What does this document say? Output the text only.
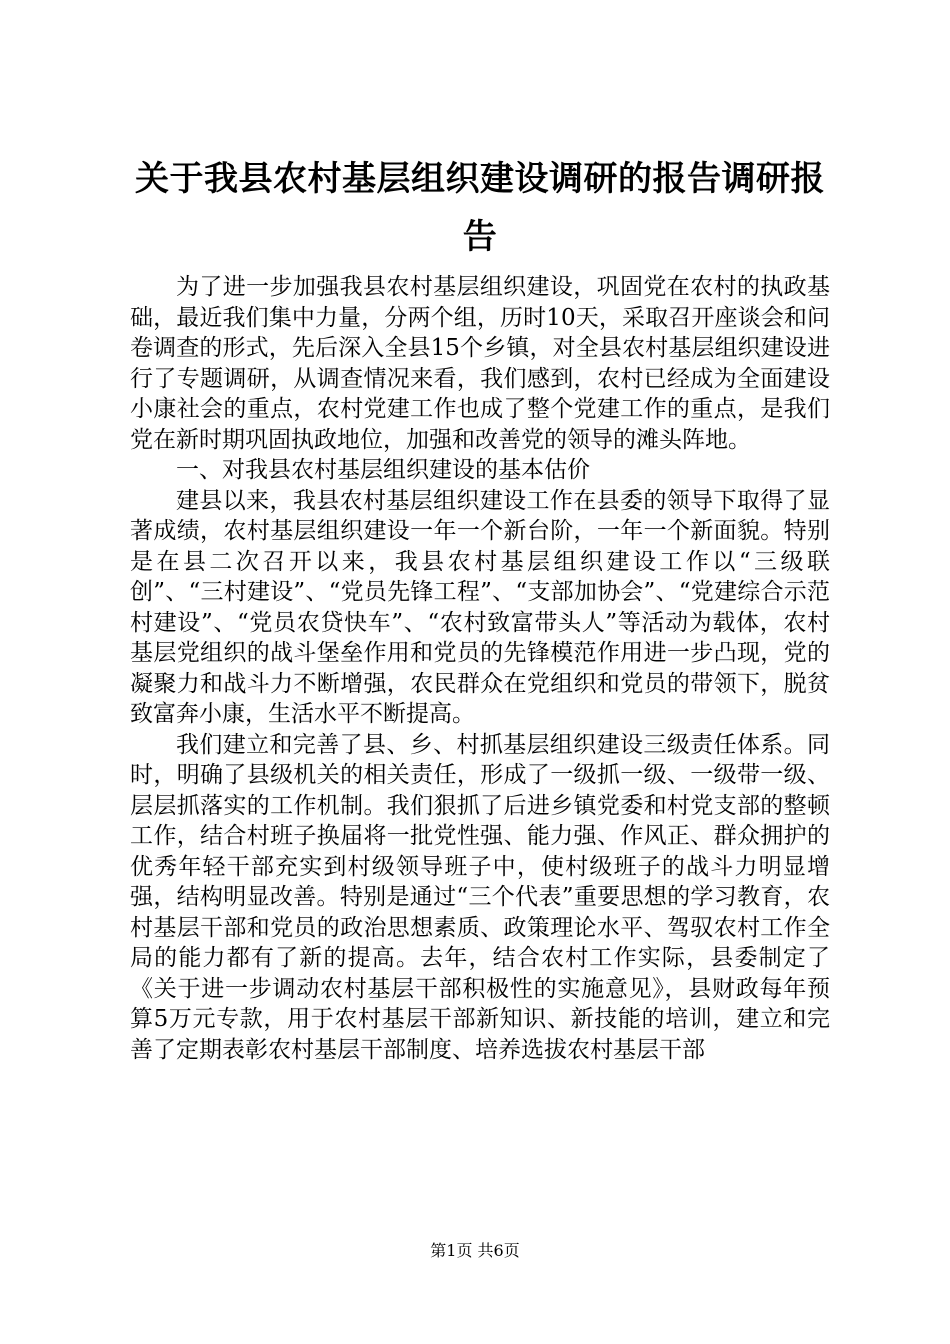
关于我县农村基层组织建设调研的报告调研报告

为了进一步加强我县农村基层组织建设，巩固党在农村的执政基础，最近我们集中力量，分两个组，历时10天，采取召开座谈会和问卷调查的形式，先后深入全县15个乡镇，对全县农村基层组织建设进行了专题调研，从调查情况来看，我们感到，农村已经成为全面建设小康社会的重点，农村党建工作也成了整个党建工作的重点，是我们党在新时期巩固执政地位，加强和改善党的领导的滩头阵地。

一、对我县农村基层组织建设的基本估价

建县以来，我县农村基层组织建设工作在县委的领导下取得了显著成绩，农村基层组织建设一年一个新台阶，一年一个新面貌。特别是在县二次召开以来，我县农村基层组织建设工作以“三级联创”、“三村建设”、“党员先锋工程”、“支部加协会”、“党建综合示范村建设”、“党员农贷快车”、“农村致富带头人”等活动为载体，农村基层党组织的战斗堡垒作用和党员的先锋模范作用进一步凸现，党的凝聚力和战斗力不断增强，农民群众在党组织和党员的带领下，脱贫致富奔小康，生活水平不断提高。

我们建立和完善了县、乡、村抓基层组织建设三级责任体系。同时，明确了县级机关的相关责任，形成了一级抓一级、一级带一级、层层抓落实的工作机制。我们狠抓了后进乡镇党委和村党支部的整顿工作，结合村班子换届将一批党性强、能力强、作风正、群众拥护的优秀年轻干部充实到村级领导班子中，使村级班子的战斗力明显增强，结构明显改善。特别是通过“三个代表”重要思想的学习教育，农村基层干部和党员的政治思想素质、政策理论水平、驾驭农村工作全局的能力都有了新的提高。去年，结合农村工作实际，县委制定了《关于进一步调动农村基层干部积极性的实施意见》，县财政每年预算5万元专款，用于农村基层干部新知识、新技能的培训，建立和完善了定期表彰农村基层干部制度、培养选拔农村基层干部

第1页 共6页
